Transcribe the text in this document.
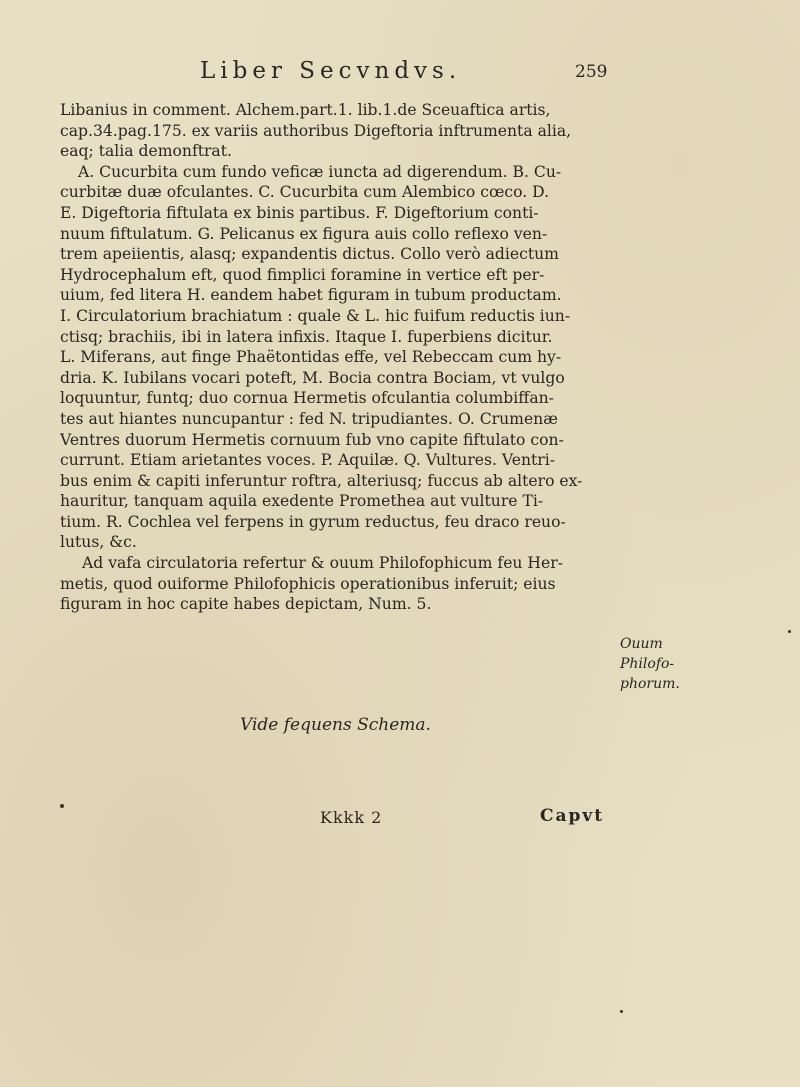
Liber Secvndvs.	259

Libanius in comment. Alchem.part.1. lib.1.de Sceuaftica artis,
cap.34.pag.175. ex variis authoribus Digeftoria inftrumenta alia,
eaq; talia demonftrat.
A. Cucurbita cum fundo veficæ iuncta ad digerendum. B. Cu-
curbitæ duæ ofculantes. C. Cucurbita cum Alembico cœco. D.
E. Digeftoria fiftulata ex binis partibus. F. Digeftorium conti-
nuum fiftulatum. G. Pelicanus ex figura auis collo reflexo ven-
trem apeiientis, alasq; expandentis dictus. Collo verò adiectum
Hydrocephalum eft, quod fimplici foramine in vertice eft per-
uium, fed litera H. eandem habet figuram in tubum productam.
I. Circulatorium brachiatum : quale & L. hic fuifum reductis iun-
ctisq; brachiis, ibi in latera infixis. Itaque I. fuperbiens dicitur.
L. Miferans, aut finge Phaëtontidas effe, vel Rebeccam cum hy-
dria. K. Iubilans vocari poteft, M. Bocia contra Bociam, vt vulgo
loquuntur, funtq; duo cornua Hermetis ofculantia columbiffan-
tes aut hiantes nuncupantur : fed N. tripudiantes. O. Crumenæ
Ventres duorum Hermetis cornuum fub vno capite fiftulato con-
currunt. Etiam arietantes voces. P. Aquilæ. Q. Vultures. Ventri-
bus enim & capiti inferuntur roftra, alteriusq; fuccus ab altero ex-
hauritur, tanquam aquila exedente Promethea aut vulture Ti-
tium. R. Cochlea vel ferpens in gyrum reductus, feu draco reuo-
lutus, &c.

Ad vafa circulatoria refertur & ouum Philofophicum feu Her-
metis, quod ouiforme Philofophicis operationibus inferuit; eius
figuram in hoc capite habes depictam, Num. 5.

Ouum
Philofo-
phorum.
Vide fequens Schema.
Kkkk 2	Capvt
